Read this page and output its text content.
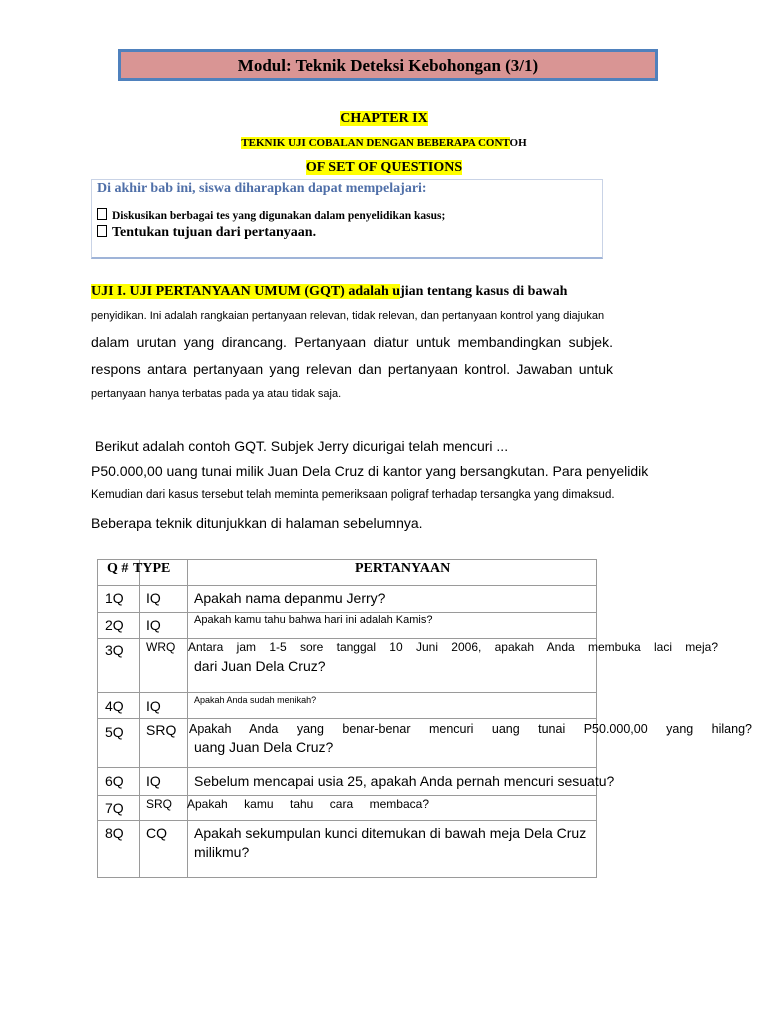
Modul: Teknik Deteksi Kebohongan (3/1)
CHAPTER IX
TEKNIK UJI COBALAN DENGAN BEBERAPA CONTOH
OF SET OF QUESTIONS
Di akhir bab ini, siswa diharapkan dapat mempelajari:
Diskusikan berbagai tes yang digunakan dalam penyelidikan kasus;
Tentukan tujuan dari pertanyaan.
UJI I. UJI PERTANYAAN UMUM (GQT) adalah ujian tentang kasus di bawah
penyidikan. Ini adalah rangkaian pertanyaan relevan, tidak relevan, dan pertanyaan kontrol yang diajukan
dalam urutan yang dirancang. Pertanyaan diatur untuk membandingkan subjek.
respons antara pertanyaan yang relevan dan pertanyaan kontrol. Jawaban untuk
pertanyaan hanya terbatas pada ya atau tidak saja.
Berikut adalah contoh GQT. Subjek Jerry dicurigai telah mencuri ...
P50.000,00 uang tunai milik Juan Dela Cruz di kantor yang bersangkutan. Para penyelidik
Kemudian dari kasus tersebut telah meminta pemeriksaan poligraf terhadap tersangka yang dimaksud.
Beberapa teknik ditunjukkan di halaman sebelumnya.
Q # TYPE	PERTANYAAN
1Q IQ Apakah nama depanmu Jerry?
2Q IQ	Apakah kamu tahu bahwa hari ini adalah Kamis?
3Q WRQ Antara jam 1-5 sore tanggal 10 Juni 2006, apakah Anda membuka laci meja?
dari Juan Dela Cruz?
4Q IQ	Apakah Anda sudah menikah?
5Q SRQ Apakah Anda yang benar-benar mencuri uang tunai P50.000,00 yang hilang?
uang Juan Dela Cruz?
6Q IQ Sebelum mencapai usia 25, apakah Anda pernah mencuri sesuatu?
7Q SRQ Apakah kamu tahu cara membaca?
8Q CQ Apakah sekumpulan kunci ditemukan di bawah meja Dela Cruz
milikmu?
